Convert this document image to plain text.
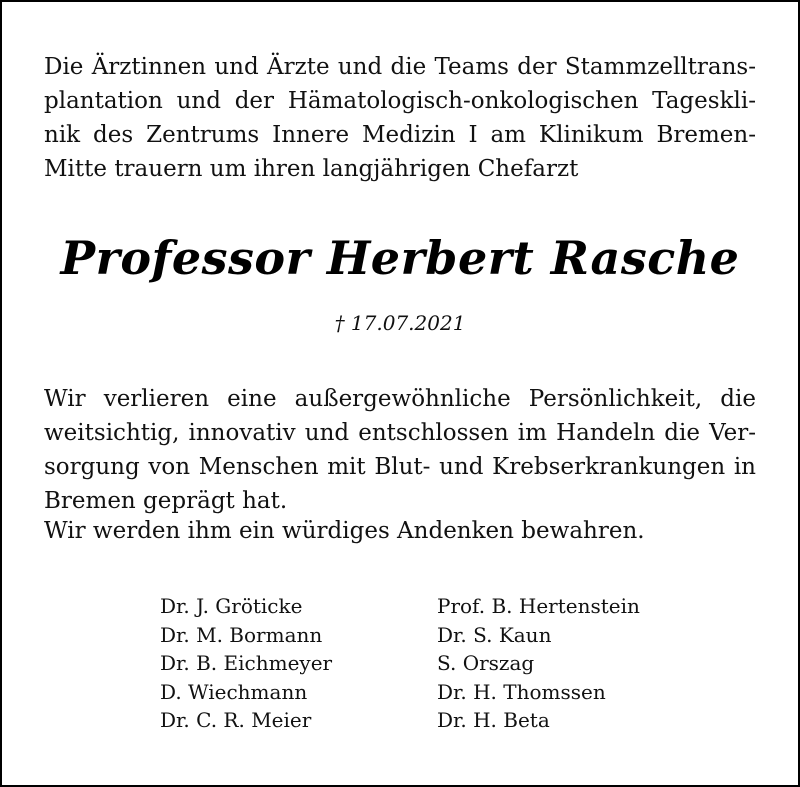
Die Ärztinnen und Ärzte und die Teams der Stammzelltrans-
plantation und der Hämatologisch-onkologischen Tageskli-
nik des Zentrums Innere Medizin I am Klinikum Bremen-
Mitte trauern um ihren langjährigen Chefarzt
Professor Herbert Rasche
† 17.07.2021
Wir verlieren eine außergewöhnliche Persönlichkeit, die
weitsichtig, innovativ und entschlossen im Handeln die Ver-
sorgung von Menschen mit Blut- und Krebserkrankungen in
Bremen geprägt hat.
Wir werden ihm ein würdiges Andenken bewahren.
Dr. J. Gröticke
Dr. M. Bormann
Dr. B. Eichmeyer
D. Wiechmann
Dr. C. R. Meier
Prof. B. Hertenstein
Dr. S. Kaun
S. Orszag
Dr. H. Thomssen
Dr. H. Beta
